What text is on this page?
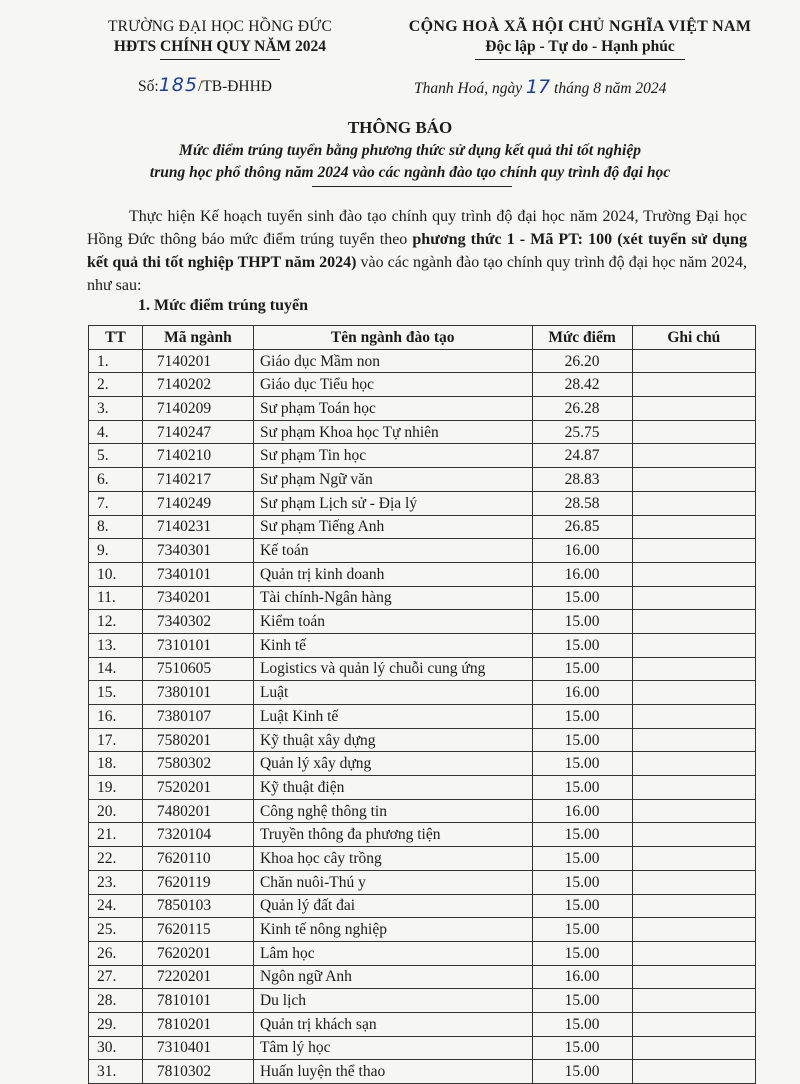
TRƯỜNG ĐẠI HỌC HỒNG ĐỨC
HĐTS CHÍNH QUY NĂM 2024
CỘNG HOÀ XÃ HỘI CHỦ NGHĨA VIỆT NAM
Độc lập - Tự do - Hạnh phúc
Số:185/TB-ĐHHĐ	Thanh Hoá, ngày 17 tháng 8 năm 2024
THÔNG BÁO
Mức điểm trúng tuyển bằng phương thức sử dụng kết quả thi tốt nghiệp
trung học phổ thông năm 2024 vào các ngành đào tạo chính quy trình độ đại học
Thực hiện Kế hoạch tuyển sinh đào tạo chính quy trình độ đại học năm 2024, Trường Đại học Hồng Đức thông báo mức điểm trúng tuyển theo phương thức 1 - Mã PT: 100 (xét tuyển sử dụng kết quả thi tốt nghiệp THPT năm 2024) vào các ngành đào tạo chính quy trình độ đại học năm 2024, như sau:
1. Mức điểm trúng tuyển
TT	Mã ngành	Tên ngành đào tạo	Mức điểm	Ghi chú
1.	7140201	Giáo dục Mầm non	26.20	
2.	7140202	Giáo dục Tiểu học	28.42	
3.	7140209	Sư phạm Toán học	26.28	
4.	7140247	Sư phạm Khoa học Tự nhiên	25.75	
5.	7140210	Sư phạm Tin học	24.87	
6.	7140217	Sư phạm Ngữ văn	28.83	
7.	7140249	Sư phạm Lịch sử - Địa lý	28.58	
8.	7140231	Sư phạm Tiếng Anh	26.85	
9.	7340301	Kế toán	16.00	
10.	7340101	Quản trị kinh doanh	16.00	
11.	7340201	Tài chính-Ngân hàng	15.00	
12.	7340302	Kiểm toán	15.00	
13.	7310101	Kinh tế	15.00	
14.	7510605	Logistics và quản lý chuỗi cung ứng	15.00	
15.	7380101	Luật	16.00	
16.	7380107	Luật Kinh tế	15.00	
17.	7580201	Kỹ thuật xây dựng	15.00	
18.	7580302	Quản lý xây dựng	15.00	
19.	7520201	Kỹ thuật điện	15.00	
20.	7480201	Công nghệ thông tin	16.00	
21.	7320104	Truyền thông đa phương tiện	15.00	
22.	7620110	Khoa học cây trồng	15.00	
23.	7620119	Chăn nuôi-Thú y	15.00	
24.	7850103	Quản lý đất đai	15.00	
25.	7620115	Kinh tế nông nghiệp	15.00	
26.	7620201	Lâm học	15.00	
27.	7220201	Ngôn ngữ Anh	16.00	
28.	7810101	Du lịch	15.00	
29.	7810201	Quản trị khách sạn	15.00	
30.	7310401	Tâm lý học	15.00	
31.	7810302	Huấn luyện thể thao	15.00	
